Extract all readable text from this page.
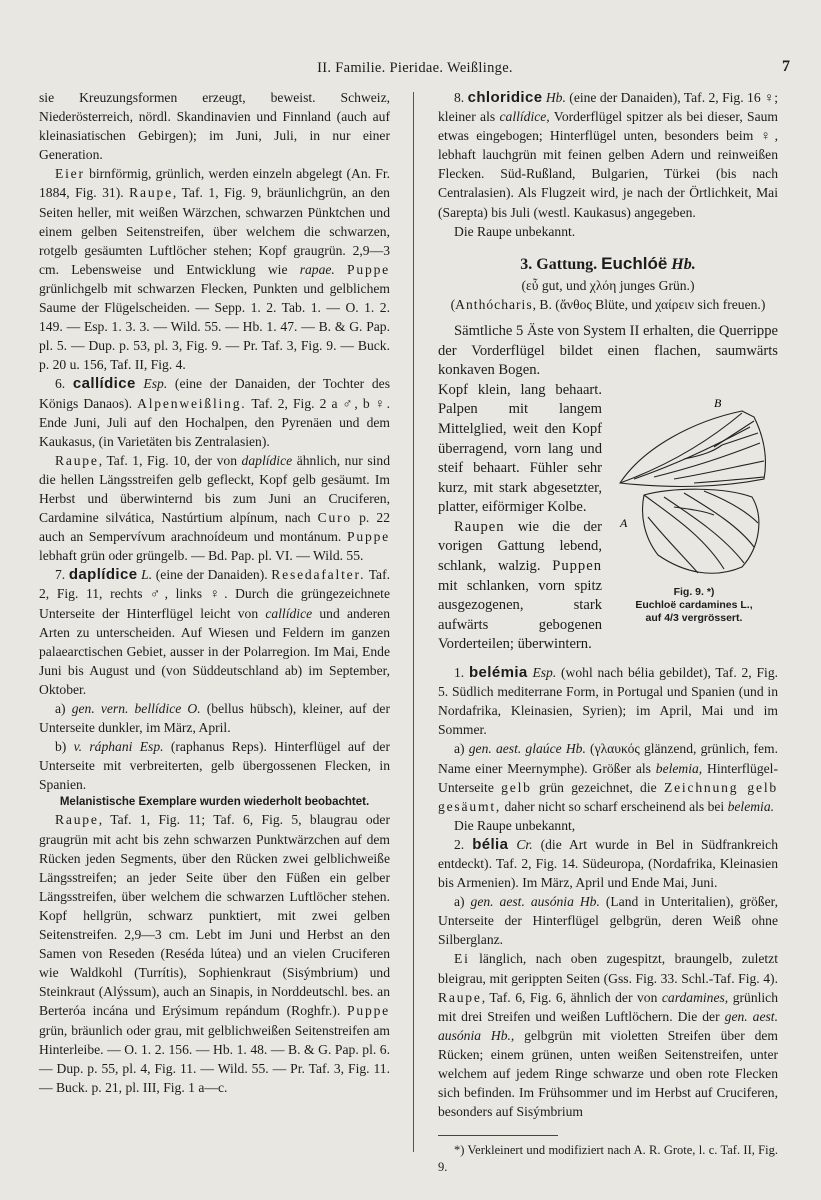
II. Familie. Pieridae. Weißlinge.	7

sie Kreuzungsformen erzeugt, beweist. Schweiz, Niederösterreich, nördl. Skandinavien und Finnland (auch auf kleinasiatischen Gebirgen); im Juni, Juli, in nur einer Generation.

Eier birnförmig, grünlich, werden einzeln abgelegt (An. Fr. 1884, Fig. 31). Raupe, Taf. 1, Fig. 9, bräunlichgrün, an den Seiten heller, mit weißen Wärzchen, schwarzen Pünktchen und einem gelben Seitenstreifen, über welchem die schwarzen, rotgelb gesäumten Luftlöcher stehen; Kopf graugrün. 2,9—3 cm. Lebensweise und Entwicklung wie rapae. Puppe grünlichgelb mit schwarzen Flecken, Punkten und gelblichem Saume der Flügelscheiden. — Sepp. 1. 2. Tab. 1. — O. 1. 2. 149. — Esp. 1. 3. 3. — Wild. 55. — Hb. 1. 47. — B. & G. Pap. pl. 5. — Dup. p. 53, pl. 3, Fig. 9. — Pr. Taf. 3, Fig. 9. — Buck. p. 20 u. 156, Taf. II, Fig. 4.

6. callídice Esp. (eine der Danaiden, der Tochter des Königs Danaos). Alpenweißling. Taf. 2, Fig. 2 a ♂, b ♀. Ende Juni, Juli auf den Hochalpen, den Pyrenäen und dem Kaukasus, (in Varietäten bis Zentralasien).

Raupe, Taf. 1, Fig. 10, der von daplídice ähnlich, nur sind die hellen Längsstreifen gelb gefleckt, Kopf gelb gesäumt. Im Herbst und überwinternd bis zum Juni an Cruciferen, Cardamine silvática, Nastúrtium alpínum, nach Curo p. 22 auch an Sempervívum arachnoídeum und montánum. Puppe lebhaft grün oder grüngelb. — Bd. Pap. pl. VI. — Wild. 55.

7. daplídice L. (eine der Danaiden). Resedafalter. Taf. 2, Fig. 11, rechts ♂, links ♀. Durch die grüngezeichnete Unterseite der Hinterflügel leicht von callídice und anderen Arten zu unterscheiden. Auf Wiesen und Feldern im ganzen palaearctischen Gebiet, ausser in der Polarregion. Im Mai, Ende Juni bis August und (von Süddeutschland ab) im September, Oktober.

a) gen. vern. bellídice O. (bellus hübsch), kleiner, auf der Unterseite dunkler, im März, April.

b) v. ráphani Esp. (raphanus Reps). Hinterflügel auf der Unterseite mit verbreiterten, gelb übergossenen Flecken, in Spanien.

Melanistische Exemplare wurden wiederholt beobachtet.

Raupe, Taf. 1, Fig. 11; Taf. 6, Fig. 5, blaugrau oder graugrün mit acht bis zehn schwarzen Punktwärzchen auf dem Rücken jeden Segments, über den Rücken zwei gelblichweiße Längsstreifen; an jeder Seite über den Füßen ein gelber Längsstreifen, über welchem die schwarzen Luftlöcher stehen. Kopf hellgrün, schwarz punktiert, mit zwei gelben Seitenstreifen. 2,9—3 cm. Lebt im Juni und Herbst an den Samen von Reseden (Reséda lútea) und an vielen Cruciferen wie Waldkohl (Turrítis), Sophienkraut (Sisýmbrium) und Steinkraut (Alýssum), auch an Sinapis, in Norddeutschl. bes. an Berteróa incána und Erýsimum repándum (Roghfr.). Puppe grün, bräunlich oder grau, mit gelblichweißen Seitenstreifen am Hinterleibe. — O. 1. 2. 156. — Hb. 1. 48. — B. & G. Pap. pl. 6. — Dup. p. 55, pl. 4, Fig. 11. — Wild. 55. — Pr. Taf. 3, Fig. 11. — Buck. p. 21, pl. III, Fig. 1 a—c.

8. chloridice Hb. (eine der Danaiden), Taf. 2, Fig. 16 ♀; kleiner als callídice, Vorderflügel spitzer als bei dieser, Saum etwas eingebogen; Hinterflügel unten, besonders beim ♀, lebhaft lauchgrün mit feinen gelben Adern und reinweißen Flecken. Süd-Rußland, Bulgarien, Türkei (bis nach Centralasien). Als Flugzeit wird, je nach der Örtlichkeit, Mai (Sarepta) bis Juli (westl. Kaukasus) angegeben.

Die Raupe unbekannt.

3. Gattung. Euchlóë Hb.

(εὖ gut, und χλόη junges Grün.)

(Anthócharis, B. (ἄνθος Blüte, und χαίρειν sich freuen.)

Sämtliche 5 Äste von System II erhalten, die Querrippe der Vorderflügel bildet einen flachen, saumwärts konkaven Bogen.

A
B
Fig. 9. *)
Euchloë cardamines L.,
auf 4/3 vergrössert.

Kopf klein, lang behaart. Palpen mit langem Mittelglied, weit den Kopf überragend, vorn lang und steif behaart. Fühler sehr kurz, mit stark abgesetzter, platter, eiförmiger Kolbe.

Raupen wie die der vorigen Gattung lebend, schlank, walzig. Puppen mit schlanken, vorn spitz ausgezogenen, stark aufwärts gebogenen Vorderteilen; überwintern.

1. belémia Esp. (wohl nach bélia gebildet), Taf. 2, Fig. 5. Südlich mediterrane Form, in Portugal und Spanien (und in Nordafrika, Kleinasien, Syrien); im April, Mai und im Sommer.

a) gen. aest. glaúce Hb. (γλαυκός glänzend, grünlich, fem. Name einer Meernymphe). Größer als belemia, Hinterflügel-Unterseite gelb grün gezeichnet, die Zeichnung gelb gesäumt, daher nicht so scharf erscheinend als bei belemia.

Die Raupe unbekannt,

2. bélia Cr. (die Art wurde in Bel in Südfrankreich entdeckt). Taf. 2, Fig. 14. Südeuropa, (Nordafrika, Kleinasien bis Armenien). Im März, April und Ende Mai, Juni.

a) gen. aest. ausónia Hb. (Land in Unteritalien), größer, Unterseite der Hinterflügel gelbgrün, deren Weiß ohne Silberglanz.

Ei länglich, nach oben zugespitzt, braungelb, zuletzt bleigrau, mit gerippten Seiten (Gss. Fig. 33. Schl.-Taf. Fig. 4). Raupe, Taf. 6, Fig. 6, ähnlich der von cardamines, grünlich mit drei Streifen und weißen Luftlöchern. Die der gen. aest. ausónia Hb., gelbgrün mit violetten Streifen über dem Rücken; einem grünen, unten weißen Seitenstreifen, unter welchem auf jedem Ringe schwarze und oben rote Flecken sich befinden. Im Frühsommer und im Herbst auf Cruciferen, besonders auf Sisýmbrium

*) Verkleinert und modifiziert nach A. R. Grote, l. c. Taf. II, Fig. 9.
